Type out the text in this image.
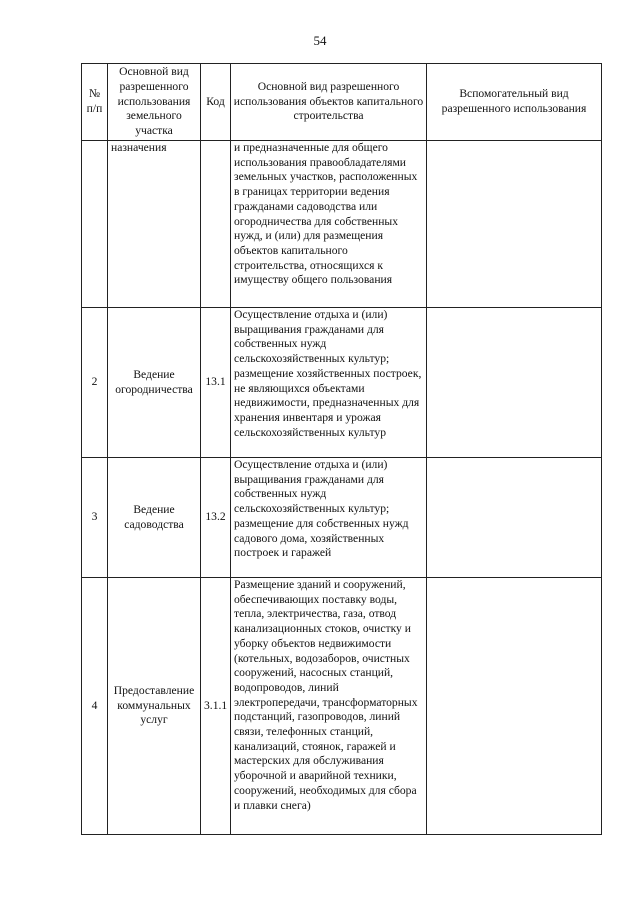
54
№ п/п	Основной вид разрешенного использования земельного участка	Код	Основной вид разрешенного использования объектов капитального строительства	Вспомогательный вид разрешенного использования
	назначения		и предназначенные для общего использования правообладателями земельных участков, расположенных в границах территории ведения гражданами садоводства или огородничества для собственных нужд, и (или) для размещения объектов капитального строительства, относящихся к имуществу общего пользования	
2	Ведение огородничества	13.1	Осуществление отдыха и (или) выращивания гражданами для собственных нужд сельскохозяйственных культур; размещение хозяйственных построек, не являющихся объектами недвижимости, предназначенных для хранения инвентаря и урожая сельскохозяйственных культур	
3	Ведение садоводства	13.2	Осуществление отдыха и (или) выращивания гражданами для собственных нужд сельскохозяйственных культур; размещение для собственных нужд садового дома, хозяйственных построек и гаражей	
4	Предоставление коммунальных услуг	3.1.1	Размещение зданий и сооружений, обеспечивающих поставку воды, тепла, электричества, газа, отвод канализационных стоков, очистку и уборку объектов недвижимости (котельных, водозаборов, очистных сооружений, насосных станций, водопроводов, линий электропередачи, трансформаторных подстанций, газопроводов, линий связи, телефонных станций, канализаций, стоянок, гаражей и мастерских для обслуживания уборочной и аварийной техники, сооружений, необходимых для сбора и плавки снега)	
